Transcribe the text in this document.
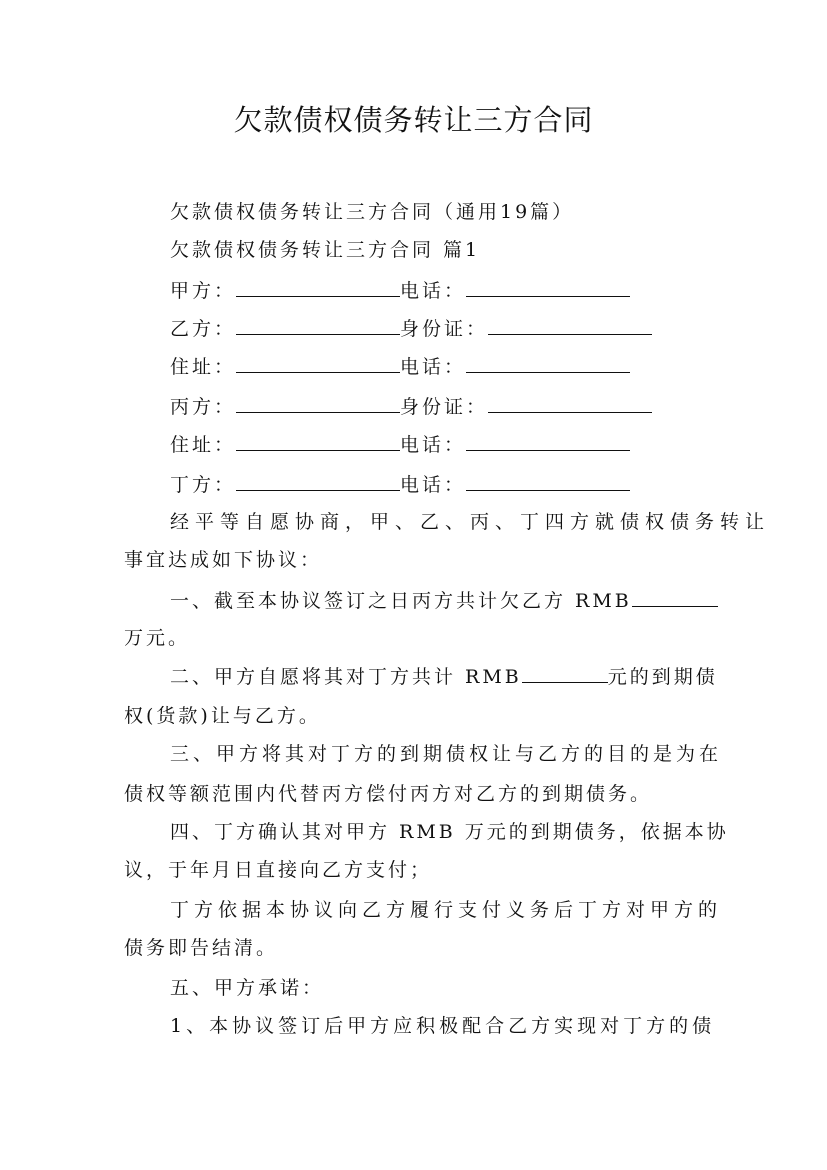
欠款债权债务转让三方合同
欠款债权债务转让三方合同（通用19篇）
欠款债权债务转让三方合同 篇1
甲方：	电话：
乙方：	身份证：
住址：	电话：
丙方：	身份证：
住址：	电话：
丁方：	电话：
经平等自愿协商，甲、乙、丙、丁四方就债权债务转让
事宜达成如下协议：
一、截至本协议签订之日丙方共计欠乙方 RMB
万元。
二、甲方自愿将其对丁方共计 RMB	元的到期债
权(货款)让与乙方。
三、甲方将其对丁方的到期债权让与乙方的目的是为在
债权等额范围内代替丙方偿付丙方对乙方的到期债务。
四、丁方确认其对甲方 RMB 万元的到期债务，依据本协
议，于年月日直接向乙方支付；
丁方依据本协议向乙方履行支付义务后丁方对甲方的
债务即告结清。
五、甲方承诺：
1、本协议签订后甲方应积极配合乙方实现对丁方的债
